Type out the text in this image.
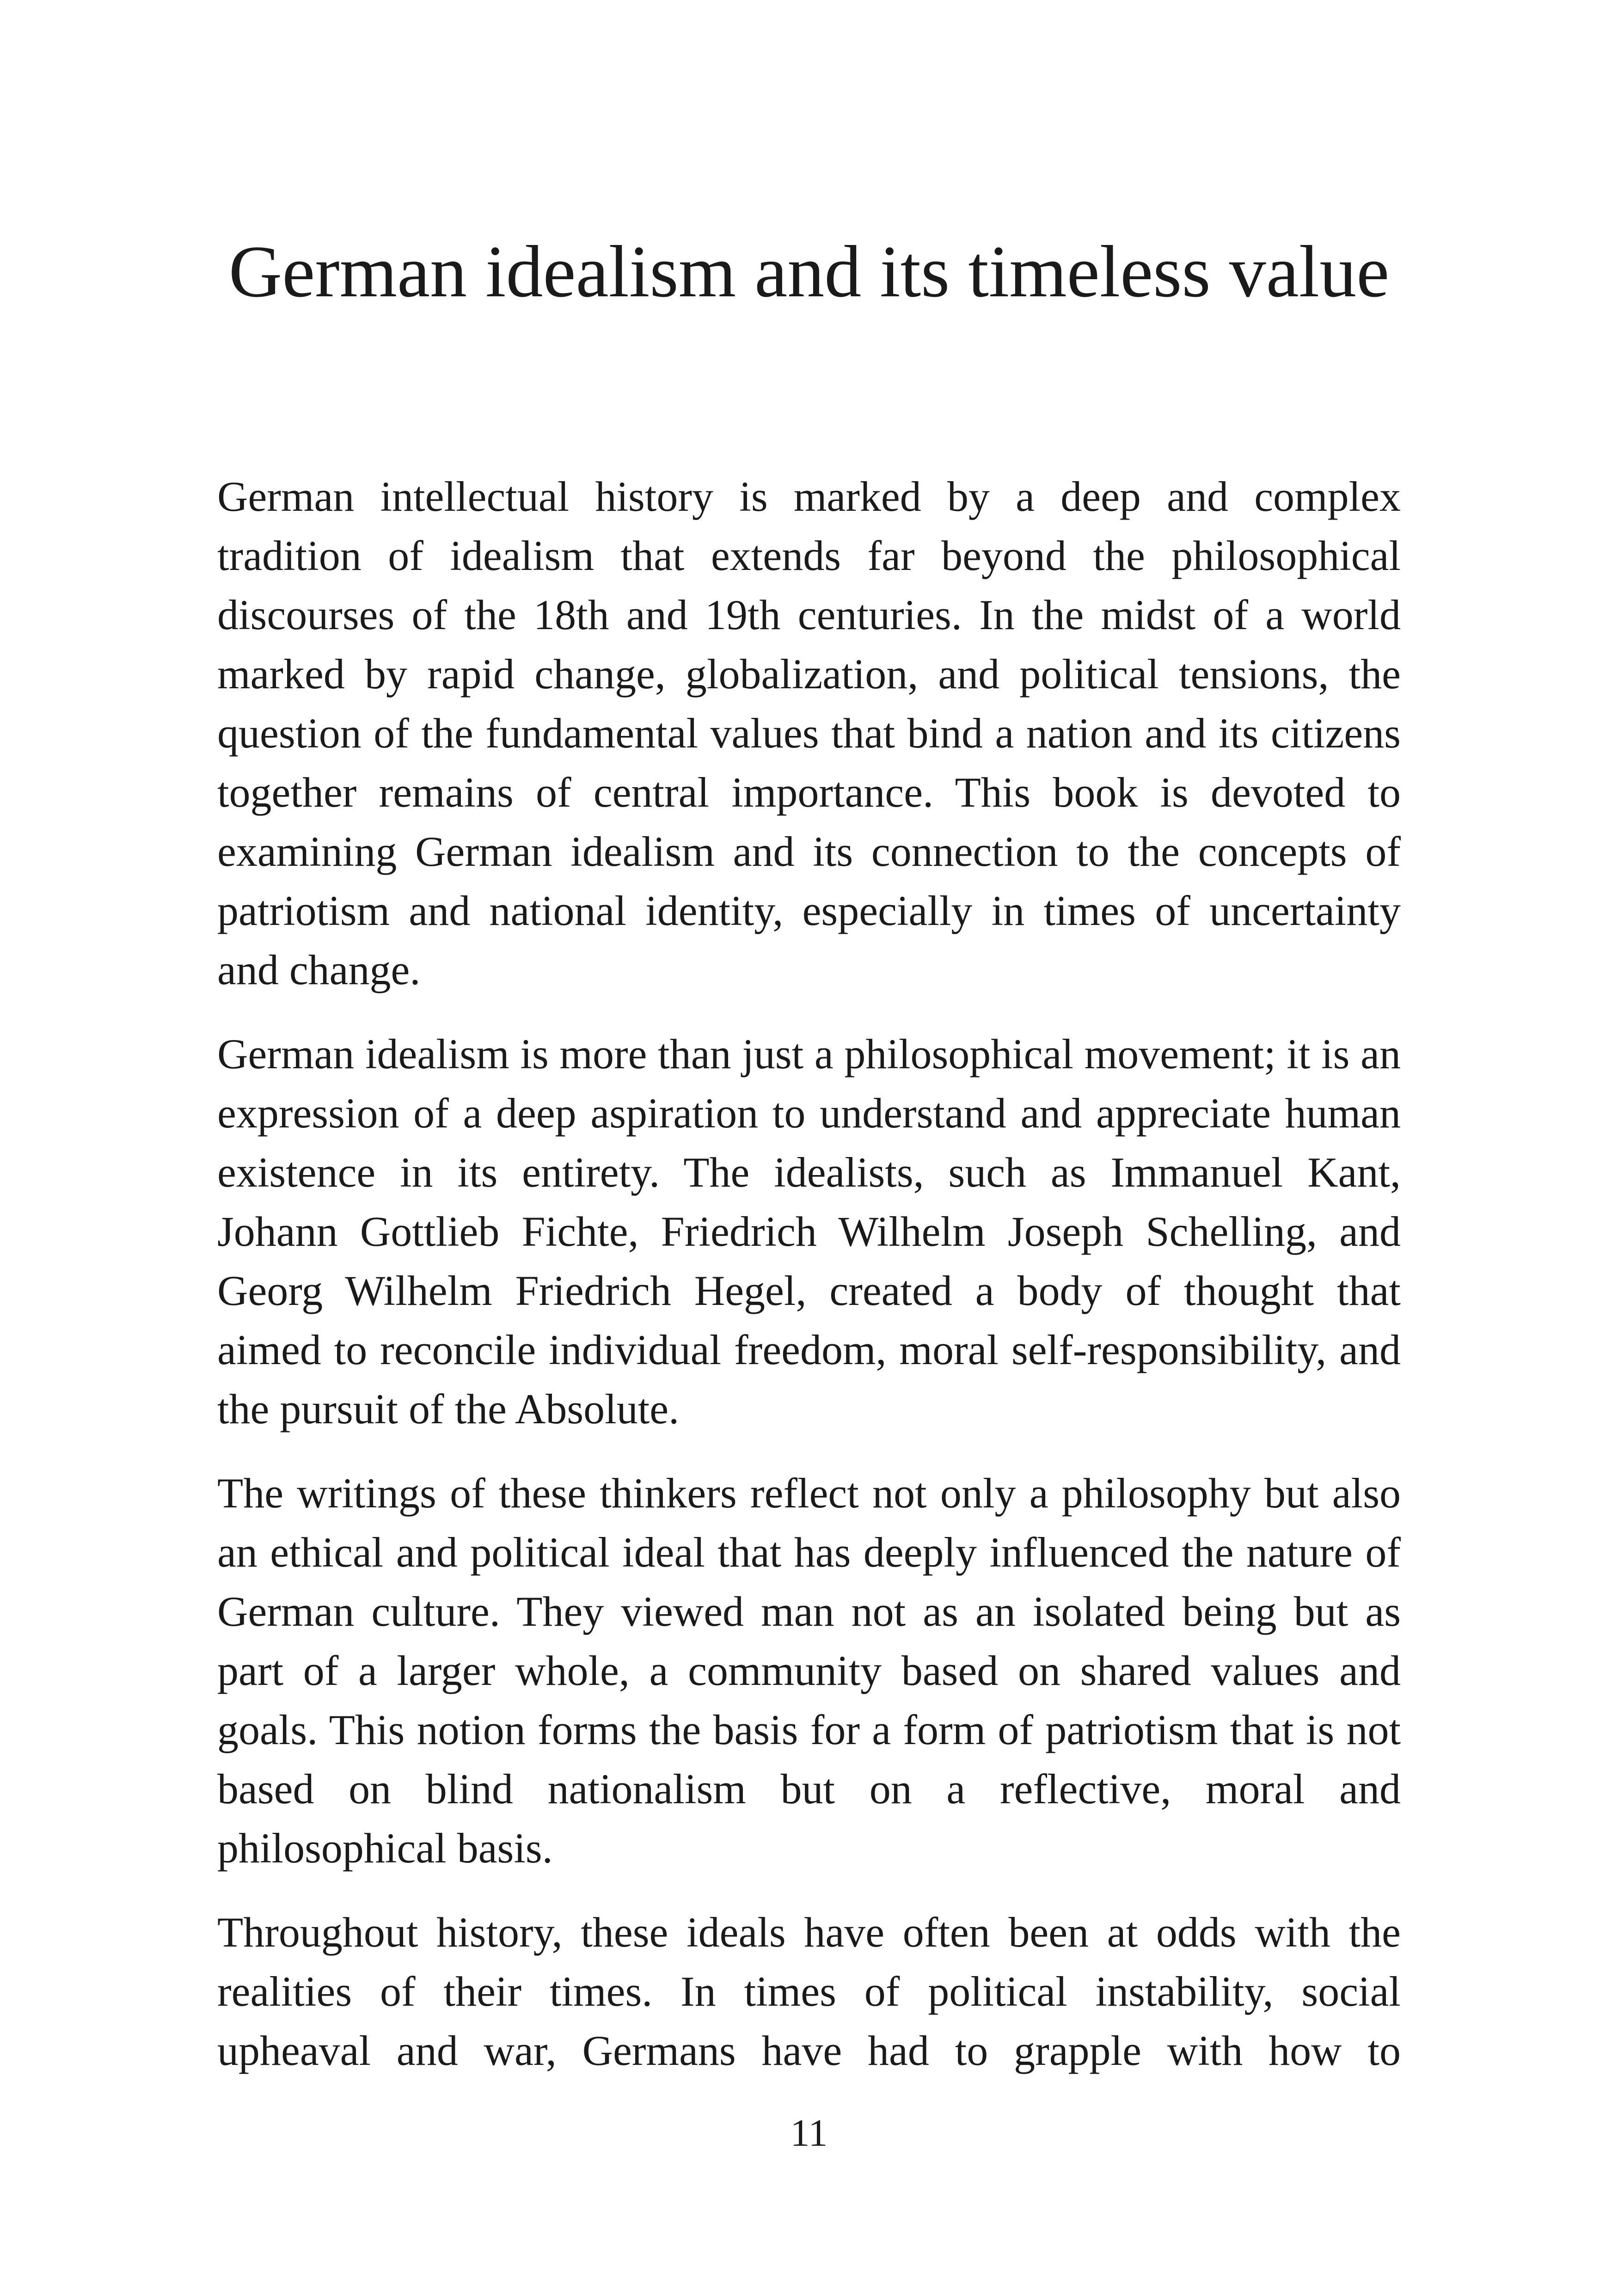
German idealism and its timeless value

German intellectual history is marked by a deep and complex tradition of idealism that extends far beyond the philosophical discourses of the 18th and 19th centuries. In the midst of a world marked by rapid change, globalization, and political tensions, the question of the fundamental values that bind a nation and its citizens together remains of central importance. This book is devoted to examining German idealism and its connection to the concepts of patriotism and national identity, especially in times of uncertainty and change.

German idealism is more than just a philosophical movement; it is an expression of a deep aspiration to understand and appreciate human existence in its entirety. The idealists, such as Immanuel Kant, Johann Gottlieb Fichte, Friedrich Wilhelm Joseph Schelling, and Georg Wilhelm Friedrich Hegel, created a body of thought that aimed to reconcile individual freedom, moral self-responsibility, and the pursuit of the Absolute.

The writings of these thinkers reflect not only a philosophy but also an ethical and political ideal that has deeply influenced the nature of German culture. They viewed man not as an isolated being but as part of a larger whole, a community based on shared values and goals. This notion forms the basis for a form of patriotism that is not based on blind nationalism but on a reflective, moral and philosophical basis.

Throughout history, these ideals have often been at odds with the realities of their times. In times of political instability, social upheaval and war, Germans have had to grapple with how to

11
